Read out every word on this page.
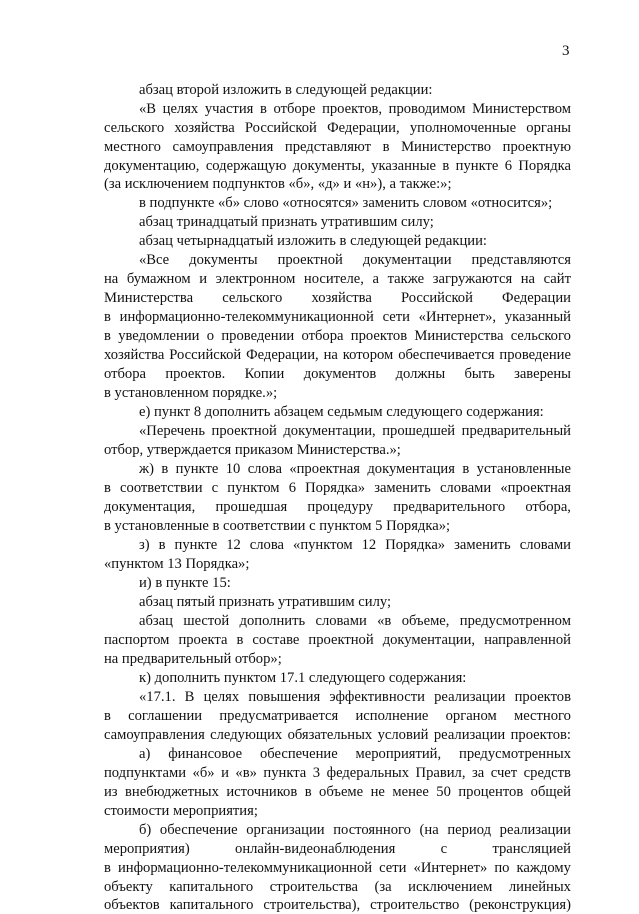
3
абзац второй изложить в следующей редакции:
«В целях участия в отборе проектов, проводимом Министерством
сельского хозяйства Российской Федерации, уполномоченные органы
местного самоуправления представляют в Министерство проектную
документацию, содержащую документы, указанные в пункте 6 Порядка
(за исключением подпунктов «б», «д» и «н»), а также:»;
в подпункте «б» слово «относятся» заменить словом «относится»;
абзац тринадцатый признать утратившим силу;
абзац четырнадцатый изложить в следующей редакции:
«Все документы проектной документации представляются
на бумажном и электронном носителе, а также загружаются на сайт
Министерства сельского хозяйства Российской Федерации
в информационно-телекоммуникационной сети «Интернет», указанный
в уведомлении о проведении отбора проектов Министерства сельского
хозяйства Российской Федерации, на котором обеспечивается проведение
отбора проектов. Копии документов должны быть заверены
в установленном порядке.»;
е) пункт 8 дополнить абзацем седьмым следующего содержания:
«Перечень проектной документации, прошедшей предварительный
отбор, утверждается приказом Министерства.»;
ж) в пункте 10 слова «проектная документация в установленные
в соответствии с пунктом 6 Порядка» заменить словами «проектная
документация, прошедшая процедуру предварительного отбора,
в установленные в соответствии с пунктом 5 Порядка»;
з) в пункте 12 слова «пунктом 12 Порядка» заменить словами
«пунктом 13 Порядка»;
и) в пункте 15:
абзац пятый признать утратившим силу;
абзац шестой дополнить словами «в объеме, предусмотренном
паспортом проекта в составе проектной документации, направленной
на предварительный отбор»;
к) дополнить пунктом 17.1 следующего содержания:
«17.1. В целях повышения эффективности реализации проектов
в соглашении предусматривается исполнение органом местного
самоуправления следующих обязательных условий реализации проектов:
а) финансовое обеспечение мероприятий, предусмотренных
подпунктами «б» и «в» пункта 3 федеральных Правил, за счет средств
из внебюджетных источников в объеме не менее 50 процентов общей
стоимости мероприятия;
б) обеспечение организации постоянного (на период реализации
мероприятия)	онлайн-видеонаблюдения	с	трансляцией
в информационно-телекоммуникационной сети «Интернет» по каждому
объекту капитального строительства (за исключением линейных
объектов капитального строительства), строительство (реконструкция)
